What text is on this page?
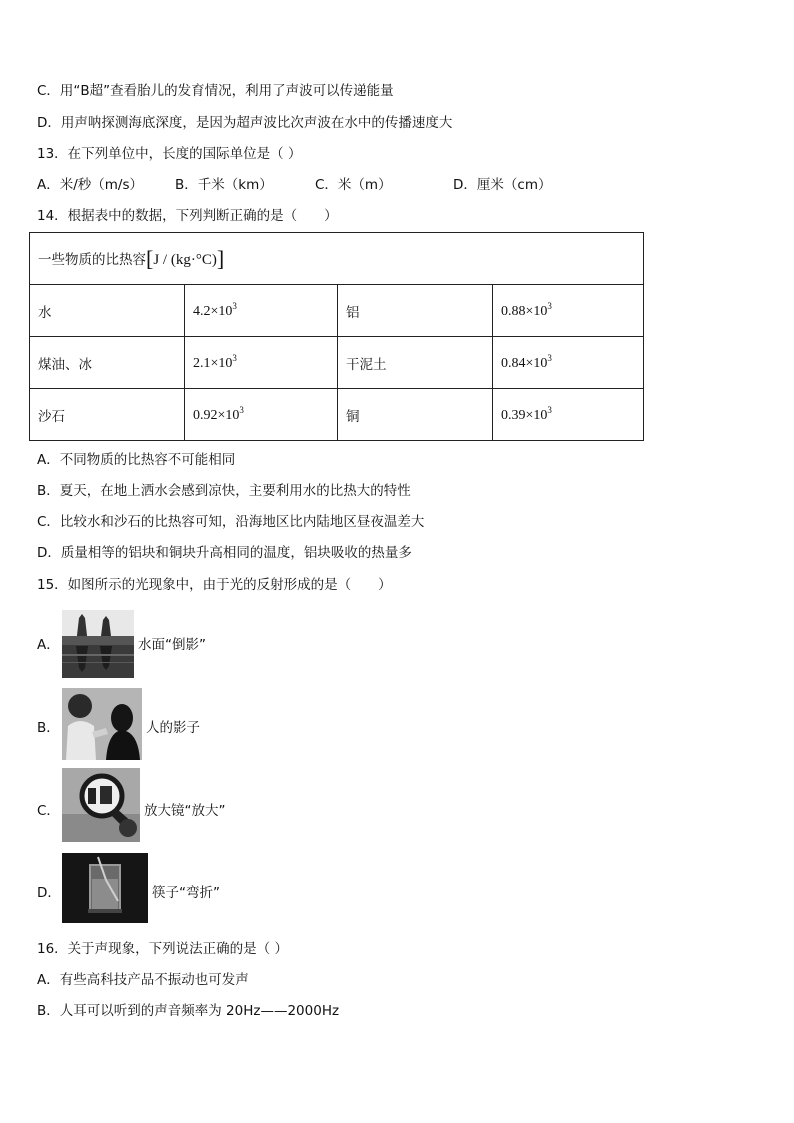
C．用“B超”查看胎儿的发育情况，利用了声波可以传递能量
D．用声呐探测海底深度，是因为超声波比次声波在水中的传播速度大
13．在下列单位中，长度的国际单位是（ ）
A．米/秒（m/s） B．千米（km）	C．米（m）	D．厘米（cm）
14．根据表中的数据，下列判断正确的是（　　）
一些物质的比热容[J / (kg·°C)]			
水	$4.2\times 10^3$	铝	$0.88\times 10^3$
煤油、冰	$2.1\times 10^3$	干泥土	$0.84\times 10^3$
沙石	$0.92\times 10^3$	铜	$0.39\times 10^3$
A．不同物质的比热容不可能相同
B．夏天，在地上洒水会感到凉快，主要利用水的比热大的特性
C．比较水和沙石的比热容可知，沿海地区比内陆地区昼夜温差大
D．质量相等的铝块和铜块升高相同的温度，铝块吸收的热量多
15．如图所示的光现象中，由于光的反射形成的是（　　）
A．	水面“倒影”
B．	人的影子
C．	放大镜“放大”
D．	筷子“弯折”
16．关于声现象，下列说法正确的是（ ）
A．有些高科技产品不振动也可发声
B．人耳可以听到的声音频率为 20Hz——2000Hz
